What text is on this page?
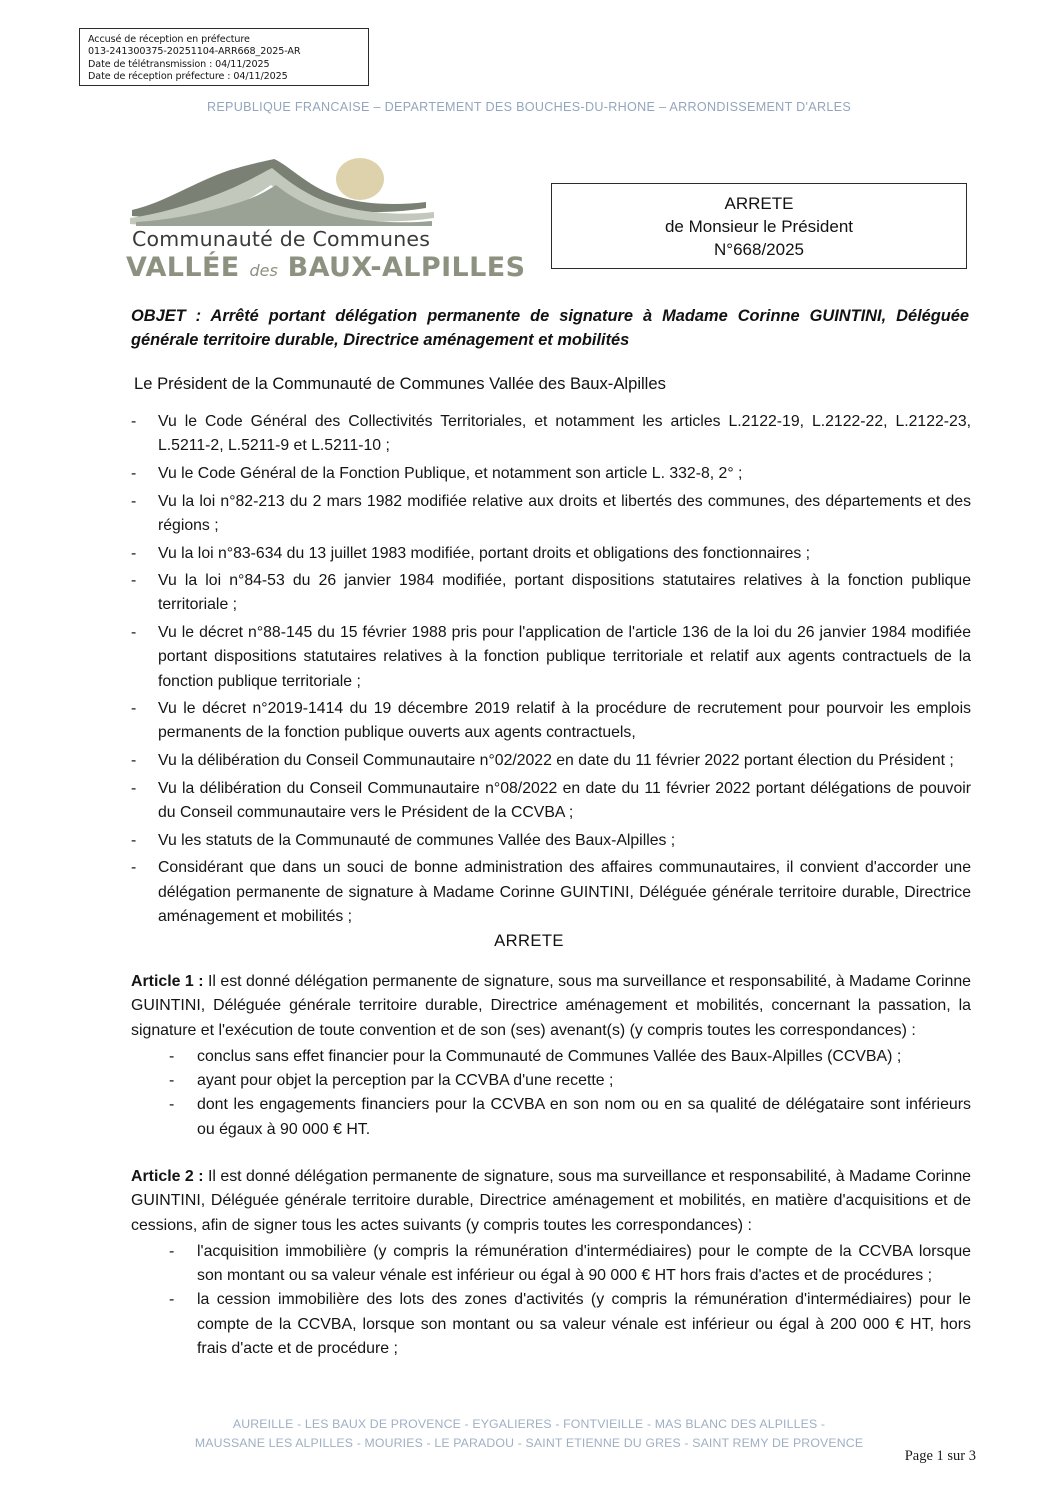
Accusé de réception en préfecture
013-241300375-20251104-ARR668_2025-AR
Date de télétransmission : 04/11/2025
Date de réception préfecture : 04/11/2025
REPUBLIQUE FRANCAISE – DEPARTEMENT DES BOUCHES-DU-RHONE – ARRONDISSEMENT D'ARLES
Communauté de Communes
VALLÉE des BAUX-ALPILLES
ARRETE
de Monsieur le Président
N°668/2025
OBJET : Arrêté portant délégation permanente de signature à Madame Corinne GUINTINI, Déléguée générale territoire durable, Directrice aménagement et mobilités
Le Président de la Communauté de Communes Vallée des Baux-Alpilles
-	Vu le Code Général des Collectivités Territoriales, et notamment les articles L.2122-19, L.2122-22, L.2122-23, L.5211-2, L.5211-9 et L.5211-10 ;
-	Vu le Code Général de la Fonction Publique, et notamment son article L. 332-8, 2° ;
-	Vu la loi n°82-213 du 2 mars 1982 modifiée relative aux droits et libertés des communes, des départements et des régions ;
-	Vu la loi n°83-634 du 13 juillet 1983 modifiée, portant droits et obligations des fonctionnaires ;
-	Vu la loi n°84-53 du 26 janvier 1984 modifiée, portant dispositions statutaires relatives à la fonction publique territoriale ;
-	Vu le décret n°88-145 du 15 février 1988 pris pour l'application de l'article 136 de la loi du 26 janvier 1984 modifiée portant dispositions statutaires relatives à la fonction publique territoriale et relatif aux agents contractuels de la fonction publique territoriale ;
-	Vu le décret n°2019-1414 du 19 décembre 2019 relatif à la procédure de recrutement pour pourvoir les emplois permanents de la fonction publique ouverts aux agents contractuels,
-	Vu la délibération du Conseil Communautaire n°02/2022 en date du 11 février 2022 portant élection du Président ;
-	Vu la délibération du Conseil Communautaire n°08/2022 en date du 11 février 2022 portant délégations de pouvoir du Conseil communautaire vers le Président de la CCVBA ;
-	Vu les statuts de la Communauté de communes Vallée des Baux-Alpilles ;
-	Considérant que dans un souci de bonne administration des affaires communautaires, il convient d'accorder une délégation permanente de signature à Madame Corinne GUINTINI, Déléguée générale territoire durable, Directrice aménagement et mobilités ;
ARRETE
Article 1 : Il est donné délégation permanente de signature, sous ma surveillance et responsabilité, à Madame Corinne GUINTINI, Déléguée générale territoire durable, Directrice aménagement et mobilités, concernant la passation, la signature et l'exécution de toute convention et de son (ses) avenant(s) (y compris toutes les correspondances) :
-	conclus sans effet financier pour la Communauté de Communes Vallée des Baux-Alpilles (CCVBA) ;
-	ayant pour objet la perception par la CCVBA d'une recette ;
-	dont les engagements financiers pour la CCVBA en son nom ou en sa qualité de délégataire sont inférieurs ou égaux à 90 000 € HT.
Article 2 : Il est donné délégation permanente de signature, sous ma surveillance et responsabilité, à Madame Corinne GUINTINI, Déléguée générale territoire durable, Directrice aménagement et mobilités, en matière d'acquisitions et de cessions, afin de signer tous les actes suivants (y compris toutes les correspondances) :
-	l'acquisition immobilière (y compris la rémunération d'intermédiaires) pour le compte de la CCVBA lorsque son montant ou sa valeur vénale est inférieur ou égal à 90 000 € HT hors frais d'actes et de procédures ;
-	la cession immobilière des lots des zones d'activités (y compris la rémunération d'intermédiaires) pour le compte de la CCVBA, lorsque son montant ou sa valeur vénale est inférieur ou égal à 200 000 € HT, hors frais d'acte et de procédure ;
AUREILLE - LES BAUX DE PROVENCE - EYGALIERES - FONTVIEILLE - MAS BLANC DES ALPILLES -
MAUSSANE LES ALPILLES - MOURIES - LE PARADOU - SAINT ETIENNE DU GRES - SAINT REMY DE PROVENCE
Page 1 sur 3
